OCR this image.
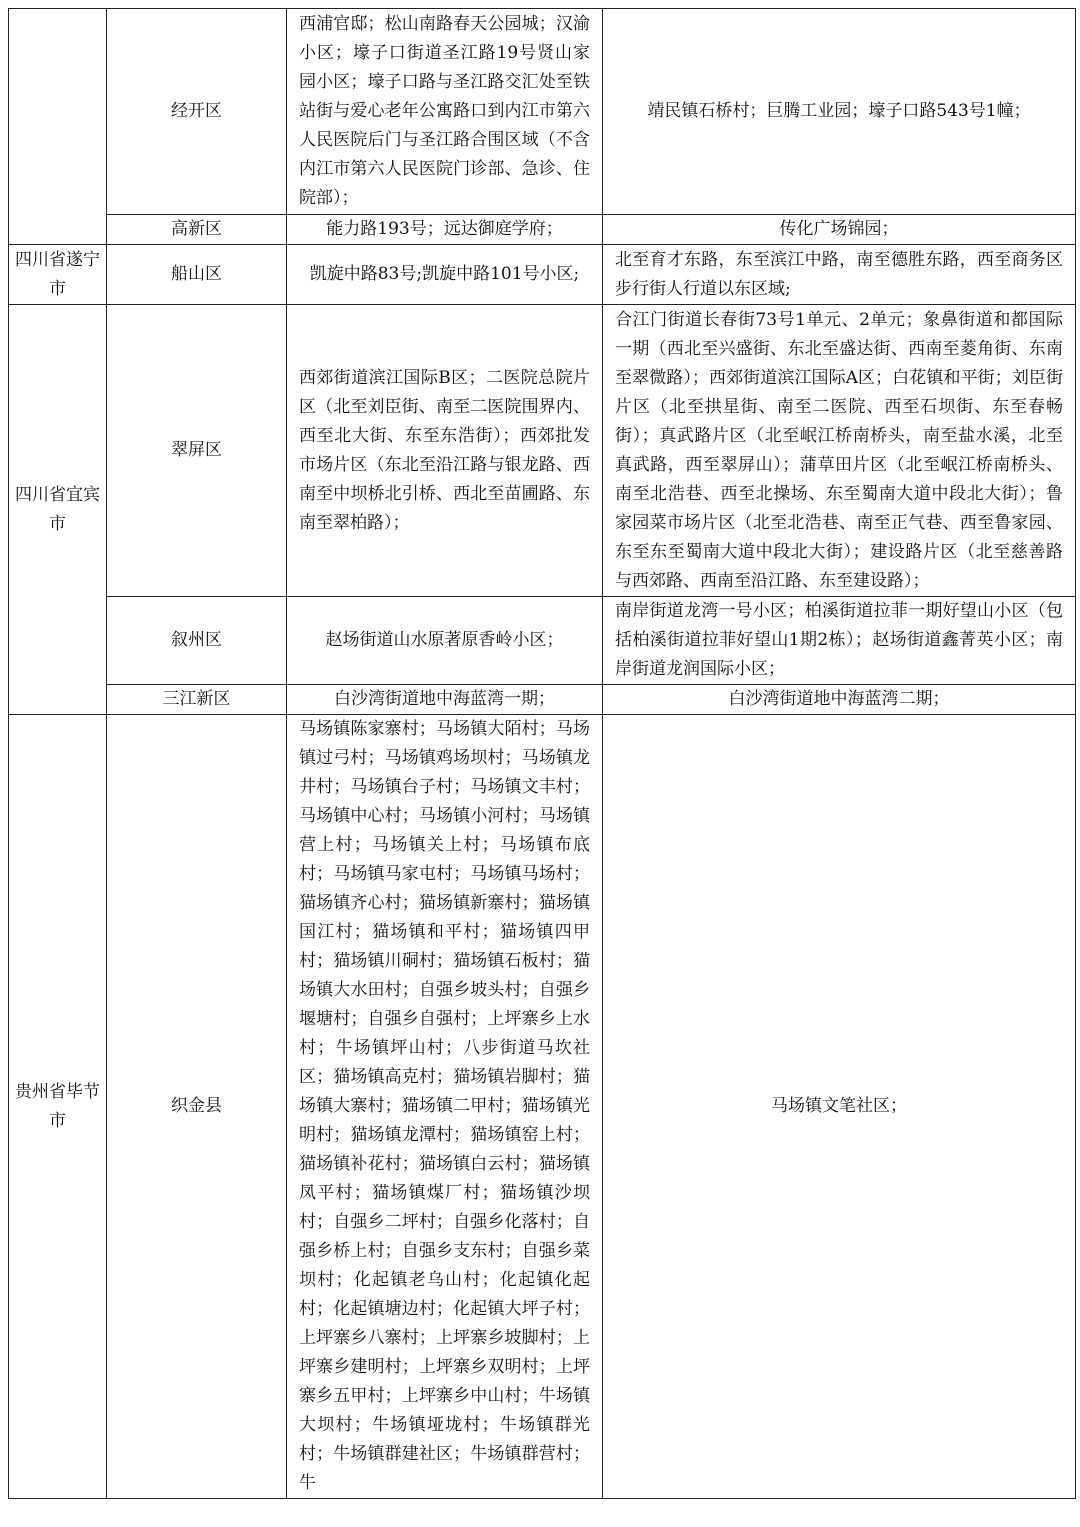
	经开区	西浦官邸；松山南路春天公园城；汉渝小区；壕子口街道圣江路19号贤山家园小区；壕子口路与圣江路交汇处至铁站街与爱心老年公寓路口到内江市第六人民医院后门与圣江路合围区域（不含内江市第六人民医院门诊部、急诊、住院部）；	靖民镇石桥村；巨腾工业园；壕子口路543号1幢；
	高新区	能力路193号；远达御庭学府；	传化广场锦园；
四川省遂宁市	船山区	凯旋中路83号;凯旋中路101号小区;	北至育才东路，东至滨江中路，南至德胜东路，西至商务区步行街人行道以东区域;
四川省宜宾市	翠屏区	西郊街道滨江国际B区；二医院总院片区（北至刘臣街、南至二医院围界内、西至北大街、东至东浩街）；西郊批发市场片区（东北至沿江路与银龙路、西南至中坝桥北引桥、西北至苗圃路、东南至翠柏路）；	合江门街道长春街73号1单元、2单元；象鼻街道和都国际一期（西北至兴盛街、东北至盛达街、西南至菱角街、东南至翠微路）；西郊街道滨江国际A区；白花镇和平街；刘臣街片区（北至拱星街、南至二医院、西至石坝街、东至春畅街）；真武路片区（北至岷江桥南桥头，南至盐水溪，北至真武路，西至翠屏山）；蒲草田片区（北至岷江桥南桥头、南至北浩巷、西至北操场、东至蜀南大道中段北大街）；鲁家园菜市场片区（北至北浩巷、南至正气巷、西至鲁家园、东至东至蜀南大道中段北大街）；建设路片区（北至慈善路与西郊路、西南至沿江路、东至建设路）；
	叙州区	赵场街道山水原著原香岭小区；	南岸街道龙湾一号小区；柏溪街道拉菲一期好望山小区（包括柏溪街道拉菲好望山1期2栋）；赵场街道鑫菁英小区；南岸街道龙润国际小区；
	三江新区	白沙湾街道地中海蓝湾一期；	白沙湾街道地中海蓝湾二期；
贵州省毕节市	织金县	马场镇陈家寨村；马场镇大陌村；马场镇过弓村；马场镇鸡场坝村；马场镇龙井村；马场镇台子村；马场镇文丰村；马场镇中心村；马场镇小河村；马场镇营上村；马场镇关上村；马场镇布底村；马场镇马家屯村；马场镇马场村；猫场镇齐心村；猫场镇新寨村；猫场镇国江村；猫场镇和平村；猫场镇四甲村；猫场镇川硐村；猫场镇石板村；猫场镇大水田村；自强乡坡头村；自强乡堰塘村；自强乡自强村；上坪寨乡上水村；牛场镇坪山村；八步街道马坎社区；猫场镇高克村；猫场镇岩脚村；猫场镇大寨村；猫场镇二甲村；猫场镇光明村；猫场镇龙潭村；猫场镇窑上村；猫场镇补花村；猫场镇白云村；猫场镇凤平村；猫场镇煤厂村；猫场镇沙坝村；自强乡二坪村；自强乡化落村；自强乡桥上村；自强乡支东村；自强乡菜坝村；化起镇老乌山村；化起镇化起村；化起镇塘边村；化起镇大坪子村；上坪寨乡八寨村；上坪寨乡坡脚村；上坪寨乡建明村；上坪寨乡双明村；上坪寨乡五甲村；上坪寨乡中山村；牛场镇大坝村；牛场镇垭垅村；牛场镇群光村；牛场镇群建社区；牛场镇群营村；牛	马场镇文笔社区；
